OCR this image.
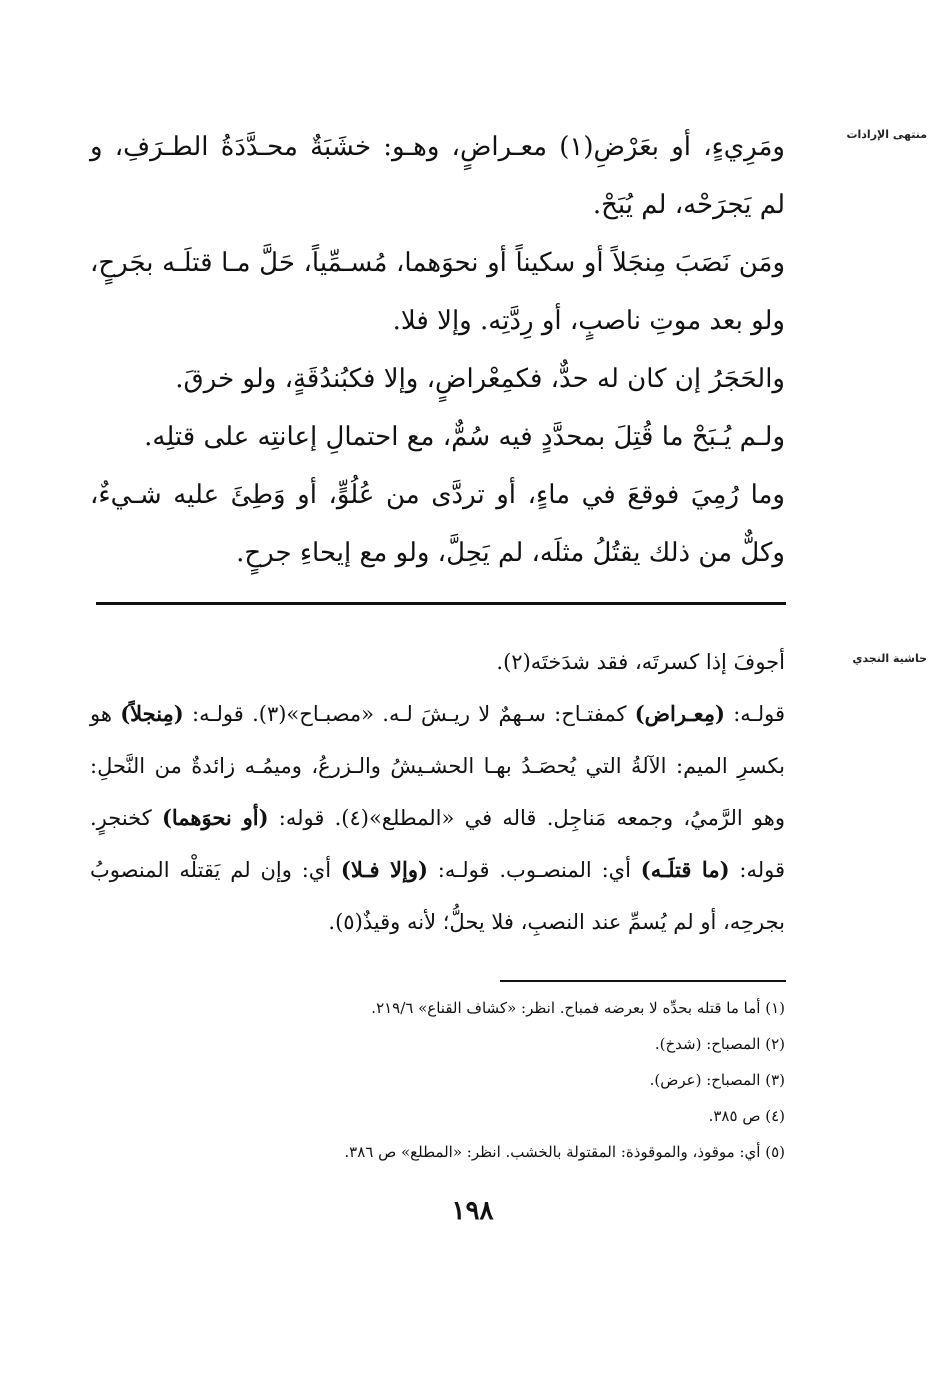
منتهى الإرادات

ومَرِيءٍ، أو بعَرْضِ(١) معـراضٍ، وهـو: خشَبَةٌ محـدَّدَةُ الطـرَفِ، و لم يَجرَحْه، لم يُبَحْ.

ومَن نَصَبَ مِنجَلاً أو سكيناً أو نحوَهما، مُسـمِّياً، حَلَّ مـا قتلَـه بجَرحٍ، ولو بعد موتِ ناصبٍ، أو رِدَّتِه. وإلا فلا.

والحَجَرُ إن كان له حدٌّ، فكمِعْراضٍ، وإلا فكبُندُقَةٍ، ولو خرقَ.

ولـم يُـبَحْ ما قُتِلَ بمحدَّدٍ فيه سُمٌّ، مع احتمالِ إعانتِه على قتلِه.

وما رُمِيَ فوقعَ في ماءٍ، أو تردَّى من عُلُوٍّ، أو وَطِئَ عليه شـيءٌ، وكلٌّ من ذلك يقتُلُ مثلَه، لم يَحِلَّ، ولو مع إيحاءِ جرحٍ.

حاشية النجدي

أجوفَ إذا كسرتَه، فقد شدَختَه(٢).

قولـه: (مِعـراض) كمفتـاح: سـهمٌ لا ريـشَ لـه. «مصبـاح»(٣). قولـه: (مِنجلاً) هو بكسرِ الميم: الآلةُ التي يُحصَـدُ بهـا الحشـيشُ والـزرعُ، وميمُـه زائدةٌ من النَّحلِ: وهو الرَّميُ، وجمعه مَناجِل. قاله في «المطلع»(٤). قوله: (أو نحوَهما) كخنجرٍ. قوله: (ما قتلَـه) أي: المنصـوب. قولـه: (وإلا فـلا) أي: وإن لم يَقتلْه المنصوبُ بجرحِه، أو لم يُسمِّ عند النصبِ، فلا يحلُّ؛ لأنه وقيذٌ(٥).

(١) أما ما قتله بحدِّه لا بعرضه فمباح. انظر: «كشاف القناع» ٢١٩/٦.
(٢) المصباح: (شدخ).
(٣) المصباح: (عرض).
(٤) ص ٣٨٥.
(٥) أي: موقوذ، والموقوذة: المقتولة بالخشب. انظر: «المطلع» ص ٣٨٦.
١٩٨
